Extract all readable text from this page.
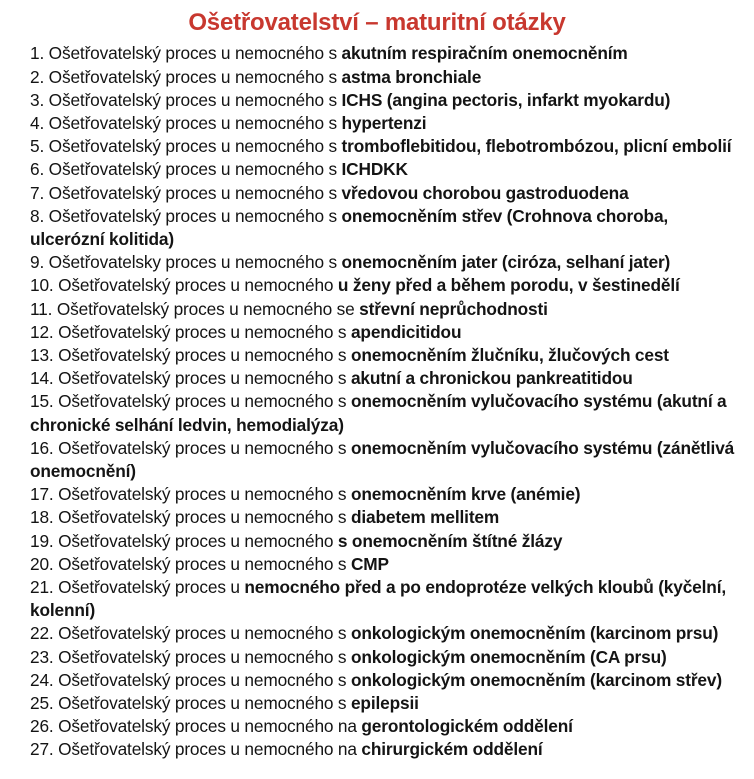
Ošetřovatelství – maturitní otázky
1. Ošetřovatelský proces u nemocného s akutním respiračním onemocněním
2. Ošetřovatelský proces u nemocného s astma bronchiale
3. Ošetřovatelský proces u nemocného s ICHS (angina pectoris, infarkt myokardu)
4. Ošetřovatelský proces u nemocného s hypertenzi
5. Ošetřovatelský proces u nemocného s tromboflebitidou, flebotrombózou, plicní embolií
6. Ošetřovatelský proces u nemocného s ICHDKK
7. Ošetřovatelský proces u nemocného s vředovou chorobou gastroduodena
8. Ošetřovatelský proces u nemocného s onemocněním střev (Crohnova choroba, ulcerózní kolitida)
9. Ošetřovatelsky proces u nemocného s onemocněním jater (ciróza, selhaní jater)
10. Ošetřovatelský proces u nemocného u ženy před a během porodu, v šestinedělí
11. Ošetřovatelský proces u nemocného se střevní neprůchodnosti
12. Ošetřovatelský proces u nemocného s apendicitidou
13. Ošetřovatelský proces u nemocného s onemocněním žlučníku, žlučových cest
14. Ošetřovatelský proces u nemocného s akutní a chronickou pankreatitidou
15. Ošetřovatelský proces u nemocného s onemocněním vylučovacího systému (akutní a chronické selhání ledvin, hemodialýza)
16. Ošetřovatelský proces u nemocného s onemocněním vylučovacího systému (zánětlivá onemocnění)
17. Ošetřovatelský proces u nemocného s onemocněním krve (anémie)
18. Ošetřovatelský proces u nemocného s diabetem mellitem
19. Ošetřovatelský proces u nemocného s onemocněním štítné žlázy
20. Ošetřovatelský proces u nemocného s CMP
21. Ošetřovatelský proces u nemocného před a po endoprotéze velkých kloubů (kyčelní, kolenní)
22. Ošetřovatelský proces u nemocného s onkologickým onemocněním (karcinom prsu)
23. Ošetřovatelský proces u nemocného s onkologickým onemocněním (CA prsu)
24. Ošetřovatelský proces u nemocného s onkologickým onemocněním (karcinom střev)
25. Ošetřovatelský proces u nemocného s epilepsii
26. Ošetřovatelský proces u nemocného na gerontologickém oddělení
27. Ošetřovatelský proces u nemocného na chirurgickém oddělení
